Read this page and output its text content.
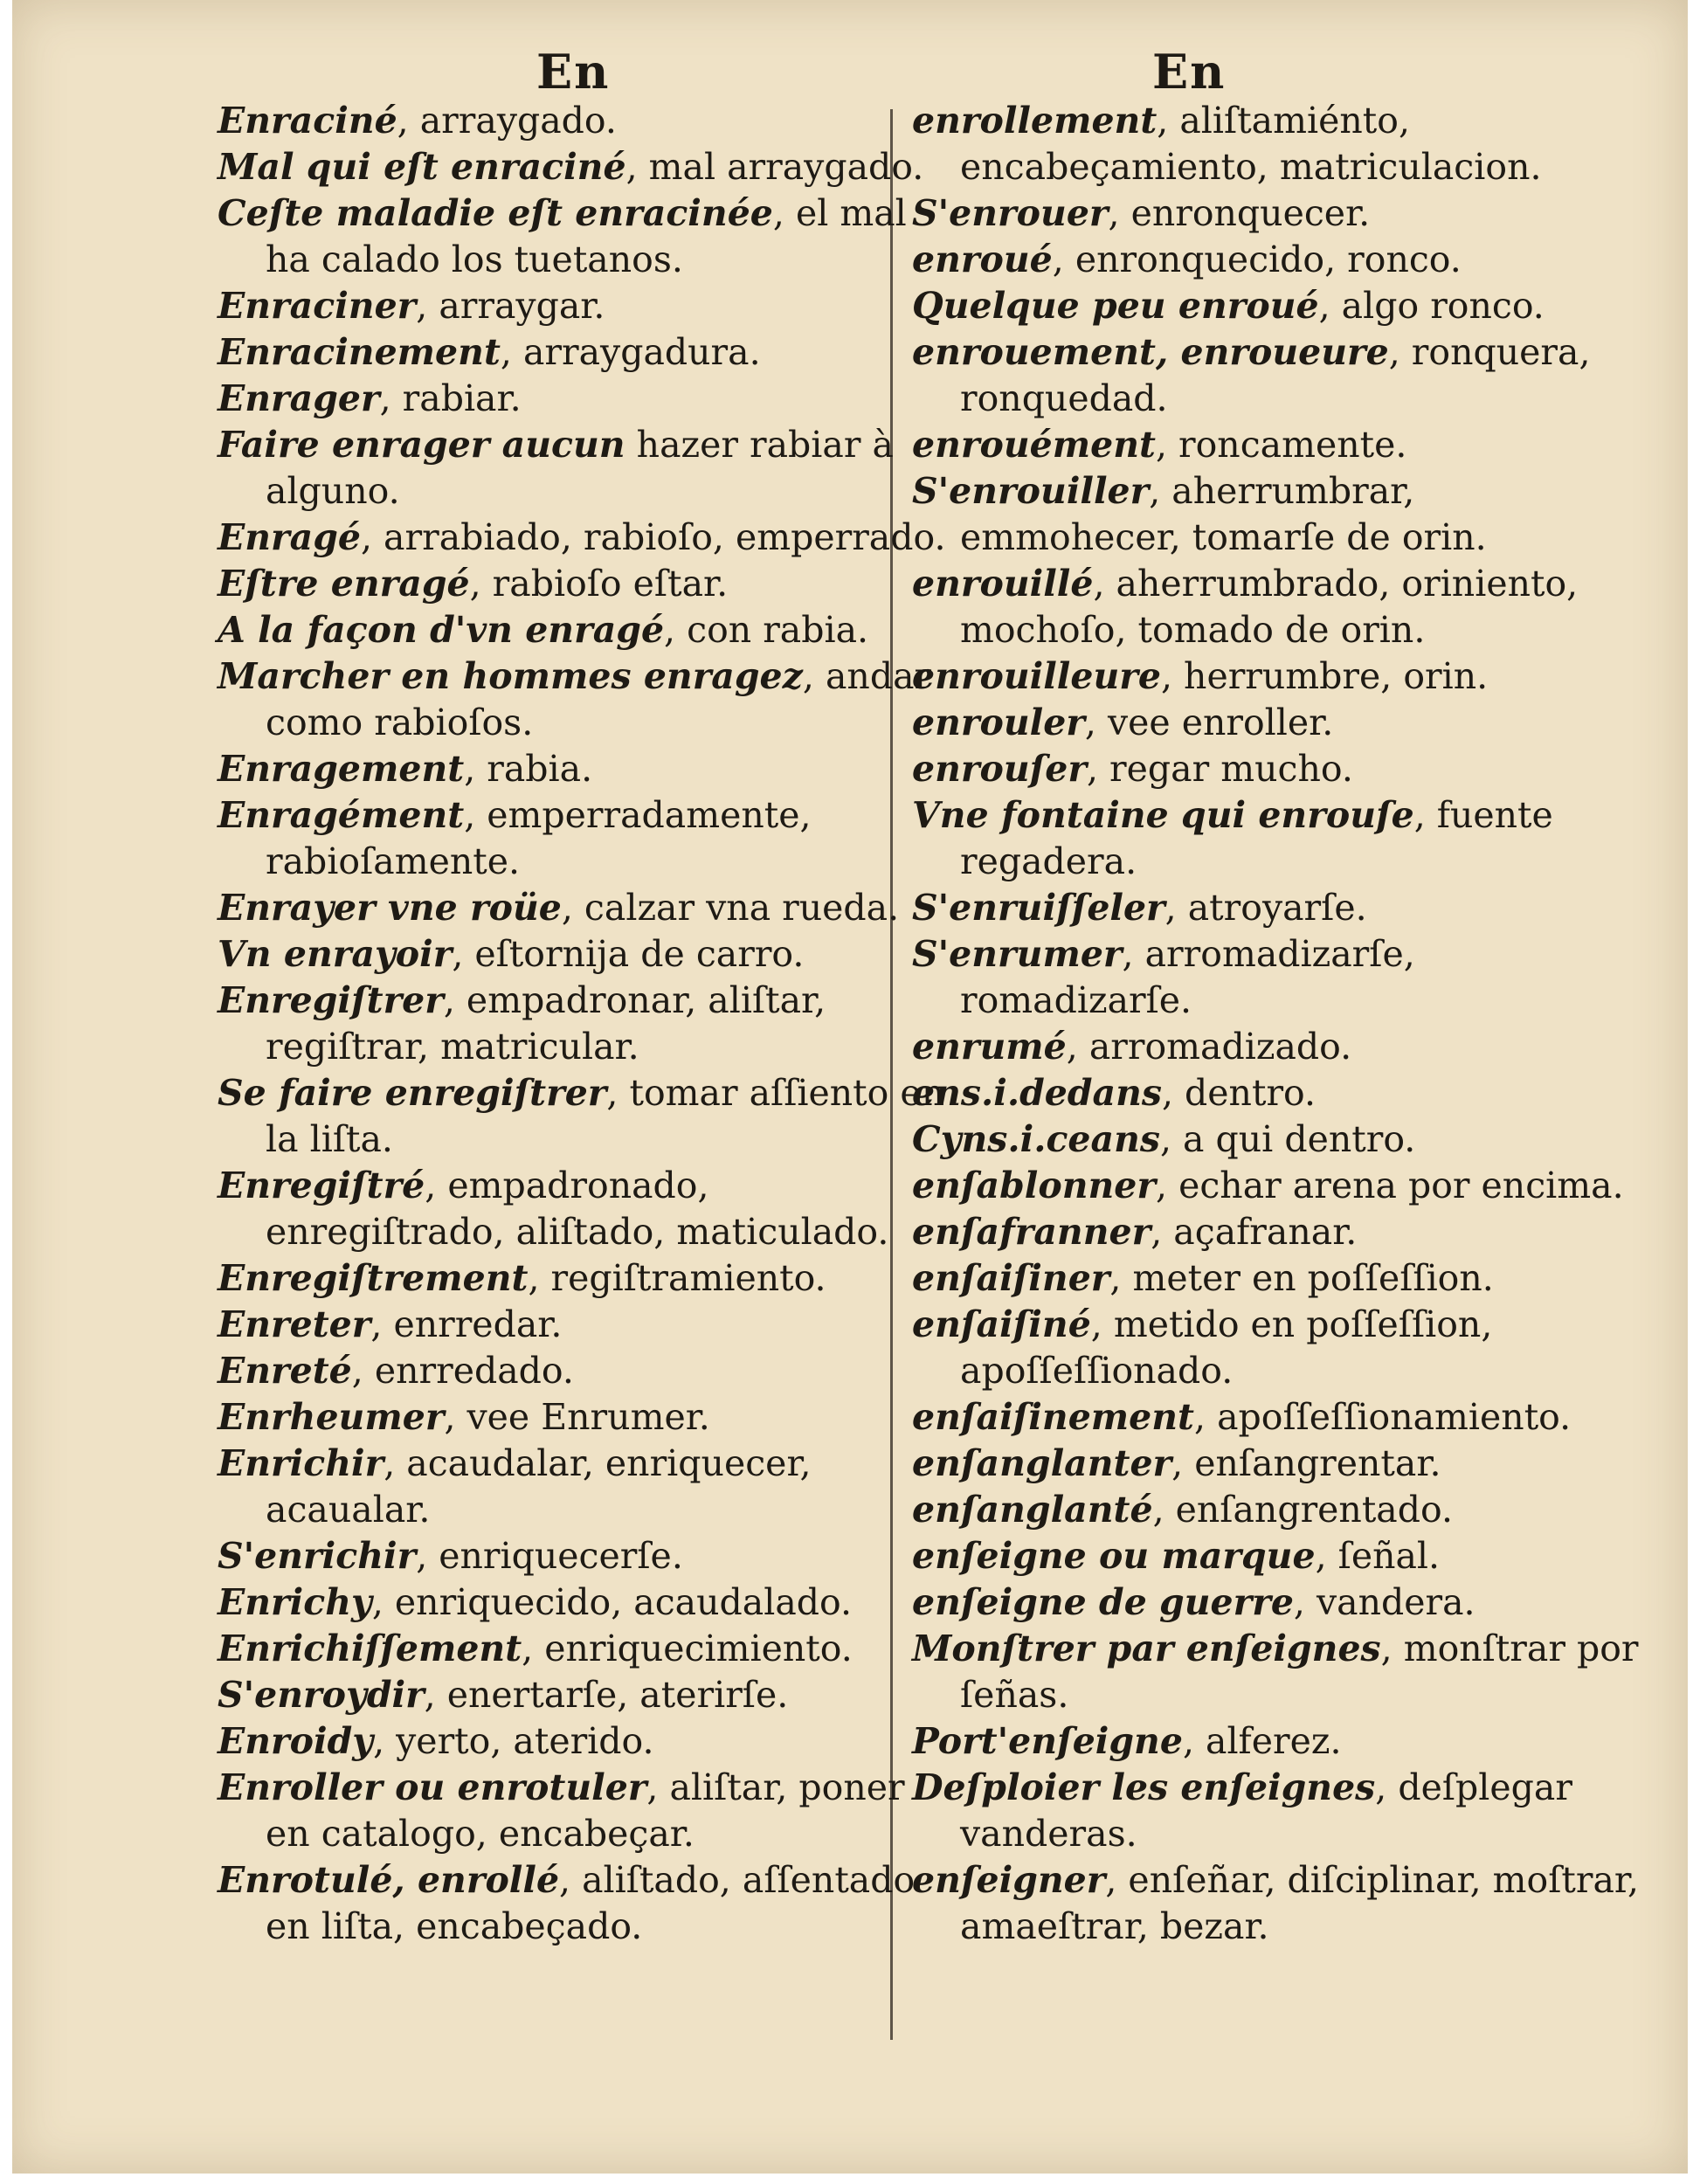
En	En

Enraciné, arraygado.

Mal qui eſt enraciné, mal arraygado.

Ceſte maladie eſt enracinée, el mal ha calado los tuetanos.

Enraciner, arraygar.

Enracinement, arraygadura.

Enrager, rabiar.

Faire enrager aucun hazer rabiar à alguno.

Enragé, arrabiado, rabioſo, emperrado.

Eſtre enragé, rabioſo eſtar.

A la façon d'vn enragé, con rabia.

Marcher en hommes enragez, andar como rabioſos.

Enragement, rabia.

Enragément, emperradamente, rabioſamente.

Enrayer vne roüe, calzar vna rueda.

Vn enrayoir, eſtornija de carro.

Enregiſtrer, empadronar, aliſtar, regiſtrar, matricular.

Se faire enregiſtrer, tomar aſſiento en la liſta.

Enregiſtré, empadronado, enregiſtrado, aliſtado, maticulado.

Enregiſtrement, regiſtramiento.

Enreter, enrredar.

Enreté, enrredado.

Enrheumer, vee Enrumer.

Enrichir, acaudalar, enriquecer, acaualar.

S'enrichir, enriquecerſe.

Enrichy, enriquecido, acaudalado.

Enrichiſſement, enriquecimiento.

S'enroydir, enertarſe, aterirſe.

Enroidy, yerto, aterido.

Enroller ou enrotuler, aliſtar, poner en catalogo, encabeçar.

Enrotulé, enrollé, aliſtado, aſſentado en liſta, encabeçado.

enrollement, aliſtamiénto, encabeçamiento, matriculacion.

S'enrouer, enronquecer.

enroué, enronquecido, ronco.

Quelque peu enroué, algo ronco.

enrouement, enroueure, ronquera, ronquedad.

enrouément, roncamente.

S'enrouiller, aherrumbrar, emmohecer, tomarſe de orin.

enrouillé, aherrumbrado, oriniento, mochoſo, tomado de orin.

enrouilleure, herrumbre, orin.

enrouler, vee enroller.

enrouſer, regar mucho.

Vne fontaine qui enrouſe, fuente regadera.

S'enruiſſeler, atroyarſe.

S'enrumer, arromadizarſe, romadizarſe.

enrumé, arromadizado.

ens.i.dedans, dentro.

Cyns.i.ceans, a qui dentro.

enſablonner, echar arena por encima.

enſafranner, açafranar.

enſaiſiner, meter en poſſeſſion.

enſaiſiné, metido en poſſeſſion, apoſſeſſionado.

enſaiſinement, apoſſeſſionamiento.

enſanglanter, enſangrentar.

enſanglanté, enſangrentado.

enſeigne ou marque, ſeñal.

enſeigne de guerre, vandera.

Monſtrer par enſeignes, monſtrar por ſeñas.

Port'enſeigne, alferez.

Deſploier les enſeignes, deſplegar vanderas.

enſeigner, enſeñar, diſciplinar, moſtrar, amaeſtrar, bezar.
